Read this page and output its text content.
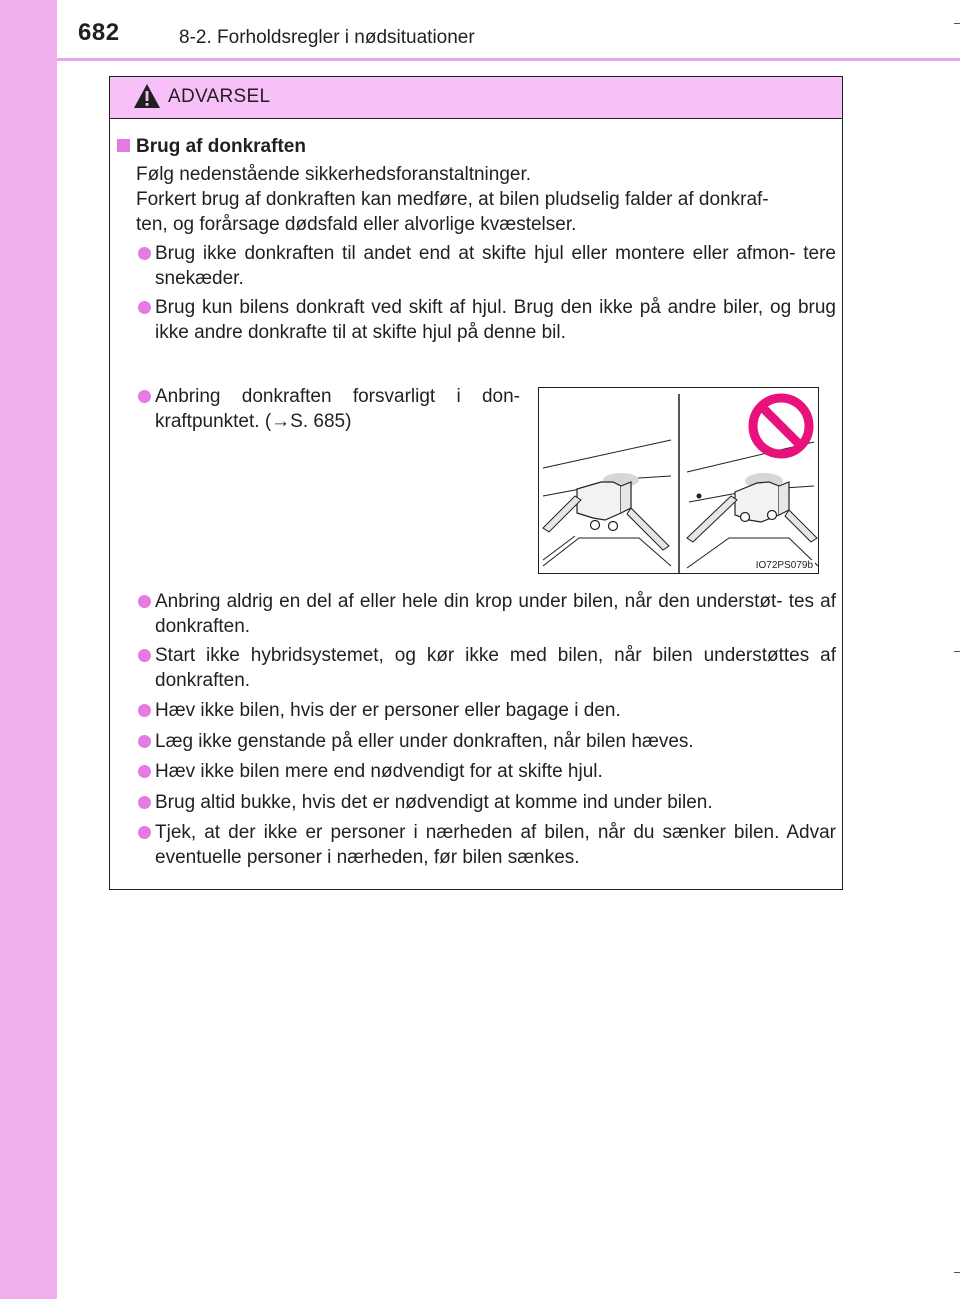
682	8-2. Forholdsregler i nødsituationer
ADVARSEL
Brug af donkraften
Følg nedenstående sikkerhedsforanstaltninger.
Forkert brug af donkraften kan medføre, at bilen pludselig falder af donkraf-
ten, og forårsage dødsfald eller alvorlige kvæstelser.
Brug ikke donkraften til andet end at skifte hjul eller montere eller afmon- tere snekæder.
Brug kun bilens donkraft ved skift af hjul. Brug den ikke på andre biler, og brug ikke andre donkrafte til at skifte hjul på denne bil.
Anbring donkraften forsvarligt i don- kraftpunktet. (→S. 685)
Anbring aldrig en del af eller hele din krop under bilen, når den understøt- tes af donkraften.
Start ikke hybridsystemet, og kør ikke med bilen, når bilen understøttes af donkraften.
Hæv ikke bilen, hvis der er personer eller bagage i den.
Læg ikke genstande på eller under donkraften, når bilen hæves.
Hæv ikke bilen mere end nødvendigt for at skifte hjul.
Brug altid bukke, hvis det er nødvendigt at komme ind under bilen.
Tjek, at der ikke er personer i nærheden af bilen, når du sænker bilen. Advar eventuelle personer i nærheden, før bilen sænkes.
IO72PS079b
